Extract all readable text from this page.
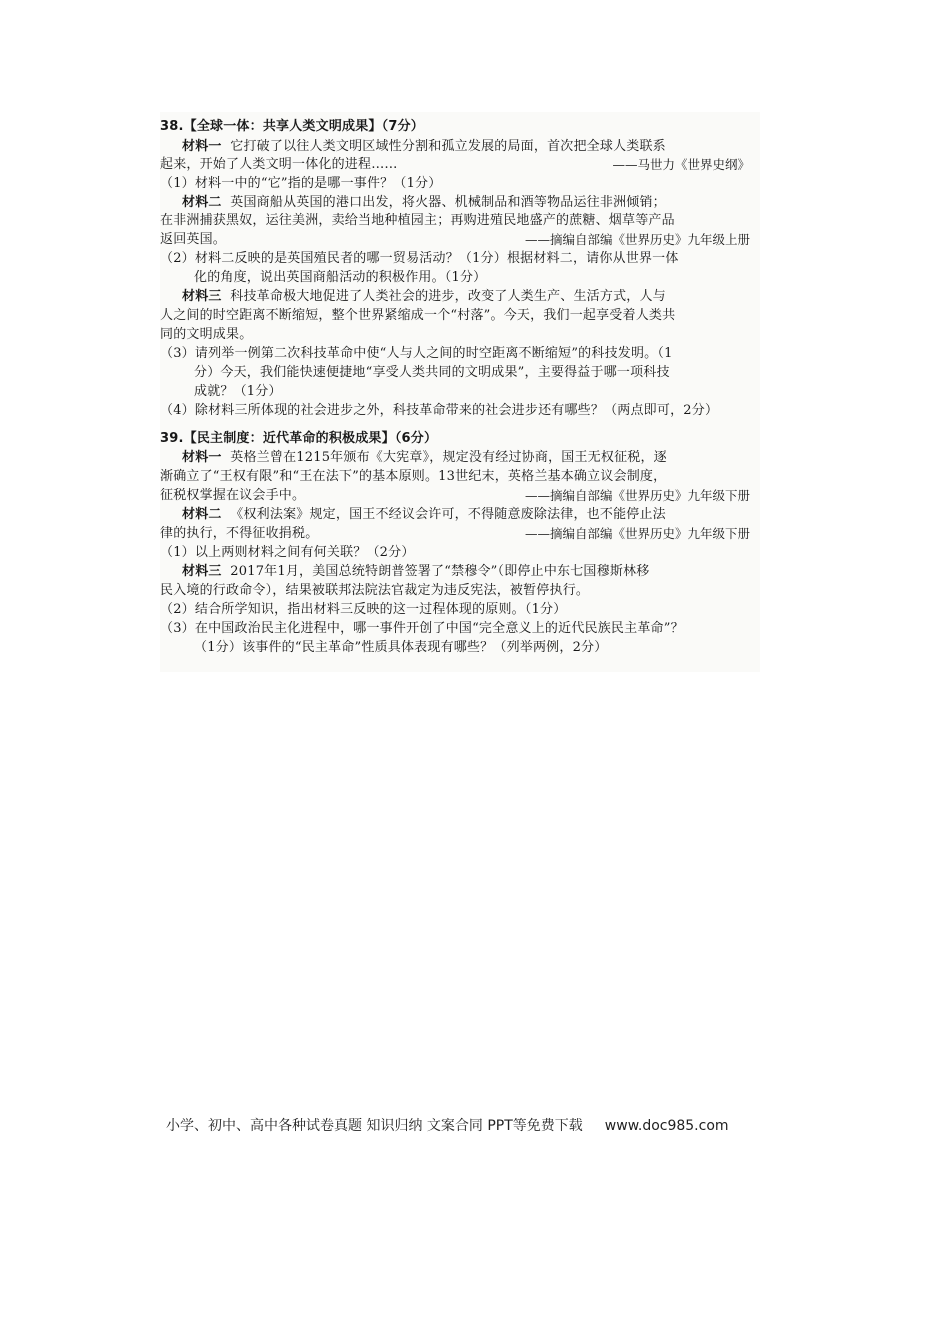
38.【全球一体：共享人类文明成果】（7分）
材料一 它打破了以往人类文明区域性分割和孤立发展的局面，首次把全球人类联系
起来，开始了人类文明一体化的进程……	——马世力《世界史纲》
（1）材料一中的“它”指的是哪一事件？（1分）
材料二 英国商船从英国的港口出发，将火器、机械制品和酒等物品运往非洲倾销；
在非洲捕获黑奴，运往美洲，卖给当地种植园主；再购进殖民地盛产的蔗糖、烟草等产品
返回英国。	——摘编自部编《世界历史》九年级上册
（2）材料二反映的是英国殖民者的哪一贸易活动？（1分）根据材料二，请你从世界一体
化的角度，说出英国商船活动的积极作用。（1分）
材料三 科技革命极大地促进了人类社会的进步，改变了人类生产、生活方式，人与
人之间的时空距离不断缩短，整个世界紧缩成一个“村落”。今天，我们一起享受着人类共
同的文明成果。
（3）请列举一例第二次科技革命中使“人与人之间的时空距离不断缩短”的科技发明。（1
分）今天，我们能快速便捷地“享受人类共同的文明成果”，主要得益于哪一项科技
成就？（1分）
（4）除材料三所体现的社会进步之外，科技革命带来的社会进步还有哪些？（两点即可，2分）
39.【民主制度：近代革命的积极成果】（6分）
材料一 英格兰曾在1215年颁布《大宪章》，规定没有经过协商，国王无权征税，逐
渐确立了“王权有限”和“王在法下”的基本原则。13世纪末，英格兰基本确立议会制度，
征税权掌握在议会手中。	——摘编自部编《世界历史》九年级下册
材料二 《权利法案》规定，国王不经议会许可，不得随意废除法律，也不能停止法
律的执行，不得征收捐税。	——摘编自部编《世界历史》九年级下册
（1）以上两则材料之间有何关联？（2分）
材料三 2017年1月，美国总统特朗普签署了“禁穆令”（即停止中东七国穆斯林移
民入境的行政命令），结果被联邦法院法官裁定为违反宪法，被暂停执行。
（2）结合所学知识，指出材料三反映的这一过程体现的原则。（1分）
（3）在中国政治民主化进程中，哪一事件开创了中国“完全意义上的近代民族民主革命”？
（1分）该事件的“民主革命”性质具体表现有哪些？（列举两例，2分）
小学、初中、高中各种试卷真题 知识归纳 文案合同 PPT等免费下载 www.doc985.com
